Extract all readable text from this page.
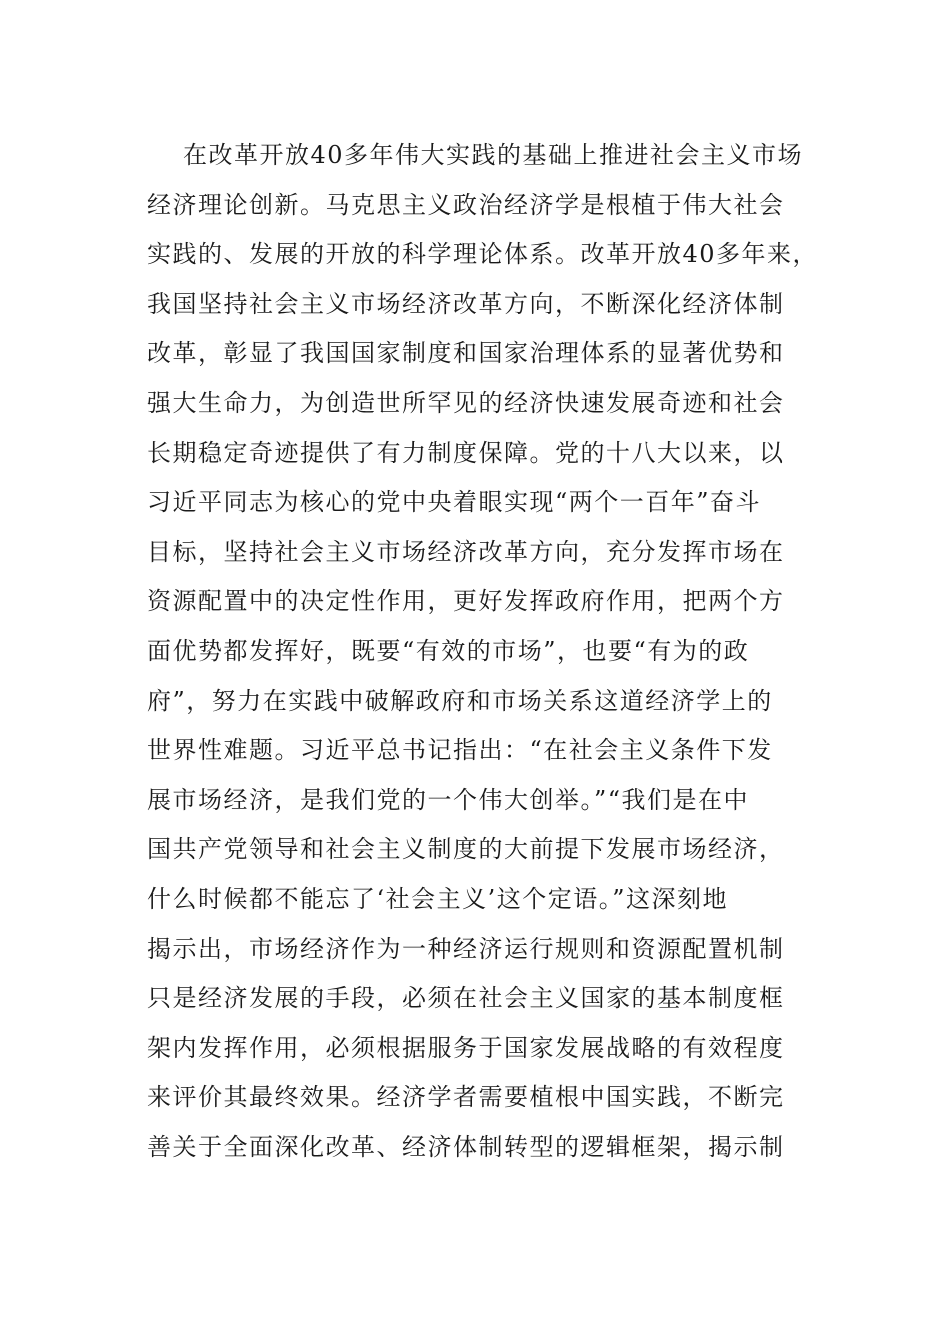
在改革开放40多年伟大实践的基础上推进社会主义市场
经济理论创新。马克思主义政治经济学是根植于伟大社会
实践的、发展的开放的科学理论体系。改革开放40多年来，
我国坚持社会主义市场经济改革方向，不断深化经济体制
改革，彰显了我国国家制度和国家治理体系的显著优势和
强大生命力，为创造世所罕见的经济快速发展奇迹和社会
长期稳定奇迹提供了有力制度保障。党的十八大以来，以
习近平同志为核心的党中央着眼实现“两个一百年”奋斗
目标，坚持社会主义市场经济改革方向，充分发挥市场在
资源配置中的决定性作用，更好发挥政府作用，把两个方
面优势都发挥好，既要“有效的市场”，也要“有为的政
府”，努力在实践中破解政府和市场关系这道经济学上的
世界性难题。习近平总书记指出：“在社会主义条件下发
展市场经济，是我们党的一个伟大创举。”“我们是在中
国共产党领导和社会主义制度的大前提下发展市场经济，
什么时候都不能忘了‘社会主义’这个定语。”这深刻地
揭示出，市场经济作为一种经济运行规则和资源配置机制
只是经济发展的手段，必须在社会主义国家的基本制度框
架内发挥作用，必须根据服务于国家发展战略的有效程度
来评价其最终效果。经济学者需要植根中国实践，不断完
善关于全面深化改革、经济体制转型的逻辑框架，揭示制
